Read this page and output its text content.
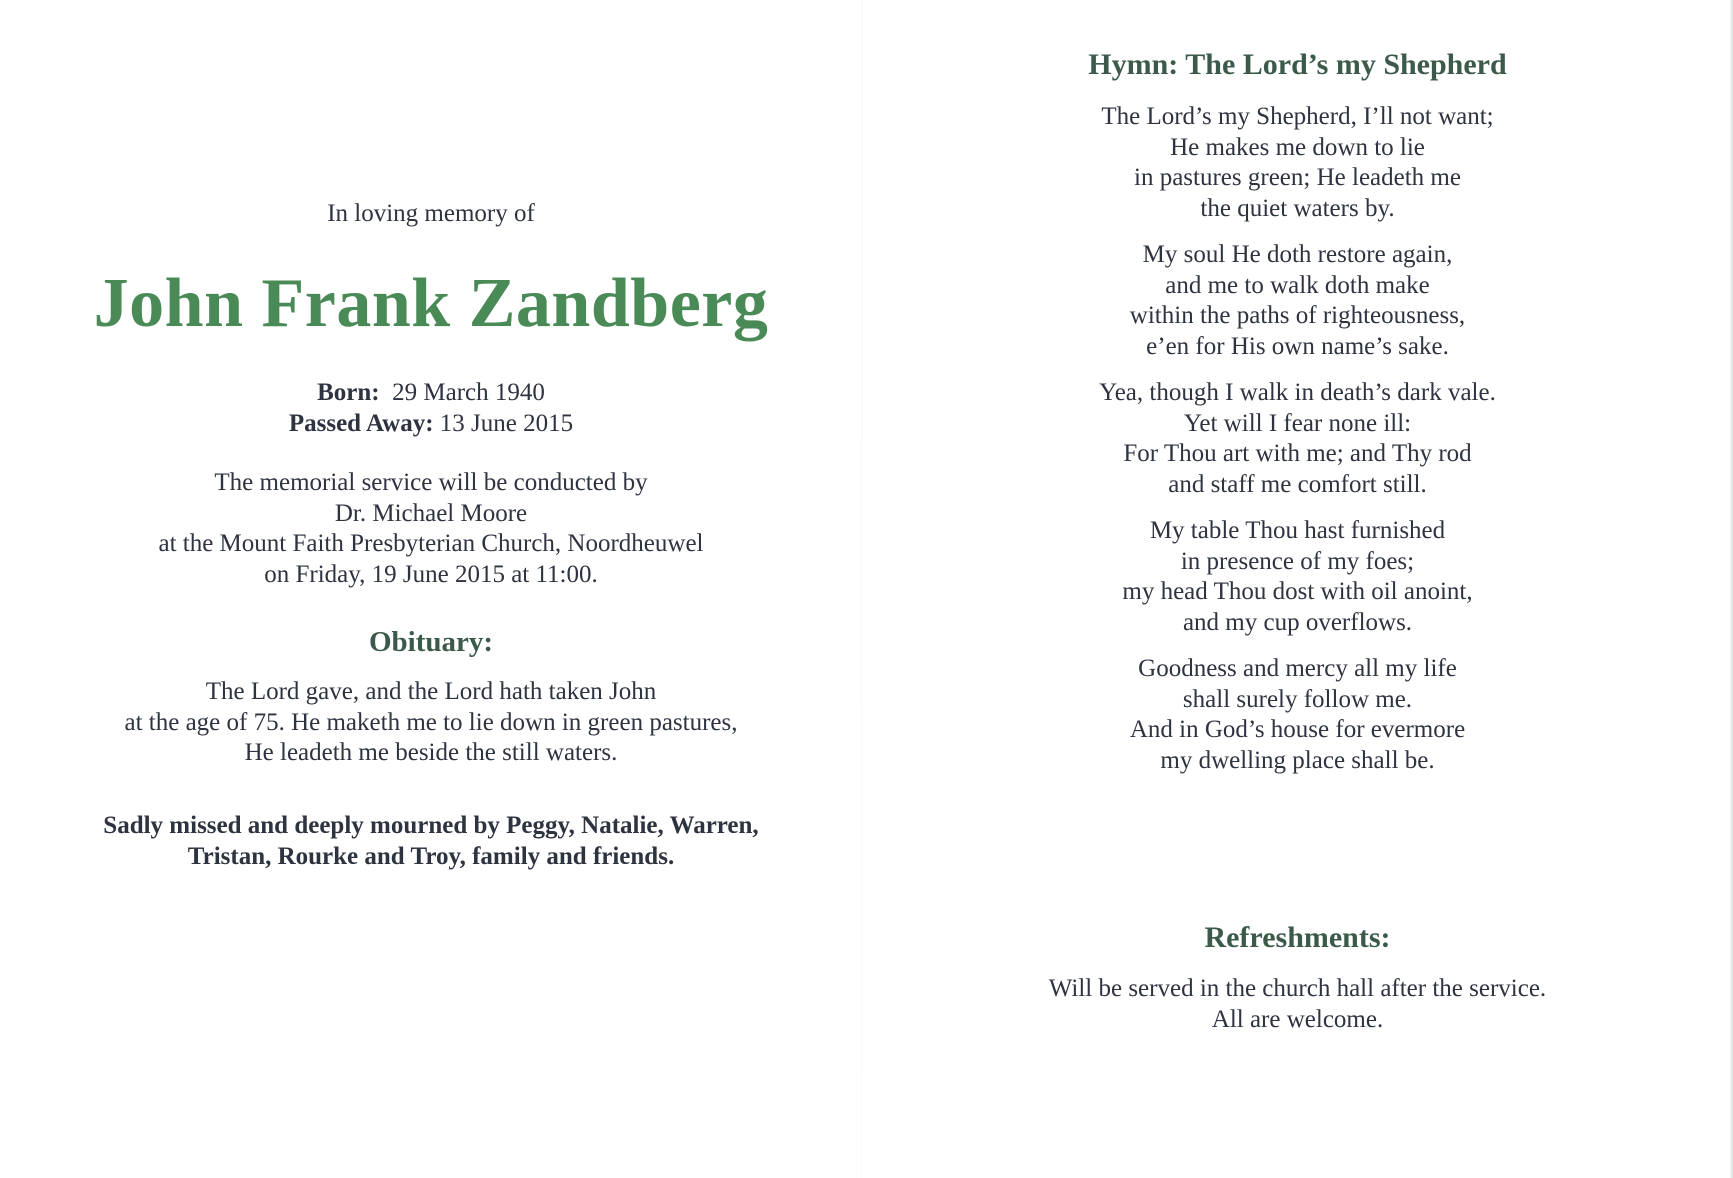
In loving memory of
John Frank Zandberg
Born: 29 March 1940
Passed Away: 13 June 2015
The memorial service will be conducted by
Dr. Michael Moore
at the Mount Faith Presbyterian Church, Noordheuwel
on Friday, 19 June 2015 at 11:00.
Obituary:
The Lord gave, and the Lord hath taken John
at the age of 75. He maketh me to lie down in green pastures,
He leadeth me beside the still waters.
Sadly missed and deeply mourned by Peggy, Natalie, Warren,
Tristan, Rourke and Troy, family and friends.
Hymn: The Lord’s my Shepherd
The Lord’s my Shepherd, I’ll not want;
He makes me down to lie
in pastures green; He leadeth me
the quiet waters by.
My soul He doth restore again,
and me to walk doth make
within the paths of righteousness,
e’en for His own name’s sake.
Yea, though I walk in death’s dark vale.
Yet will I fear none ill:
For Thou art with me; and Thy rod
and staff me comfort still.
My table Thou hast furnished
in presence of my foes;
my head Thou dost with oil anoint,
and my cup overflows.
Goodness and mercy all my life
shall surely follow me.
And in God’s house for evermore
my dwelling place shall be.
Refreshments:
Will be served in the church hall after the service.
All are welcome.
